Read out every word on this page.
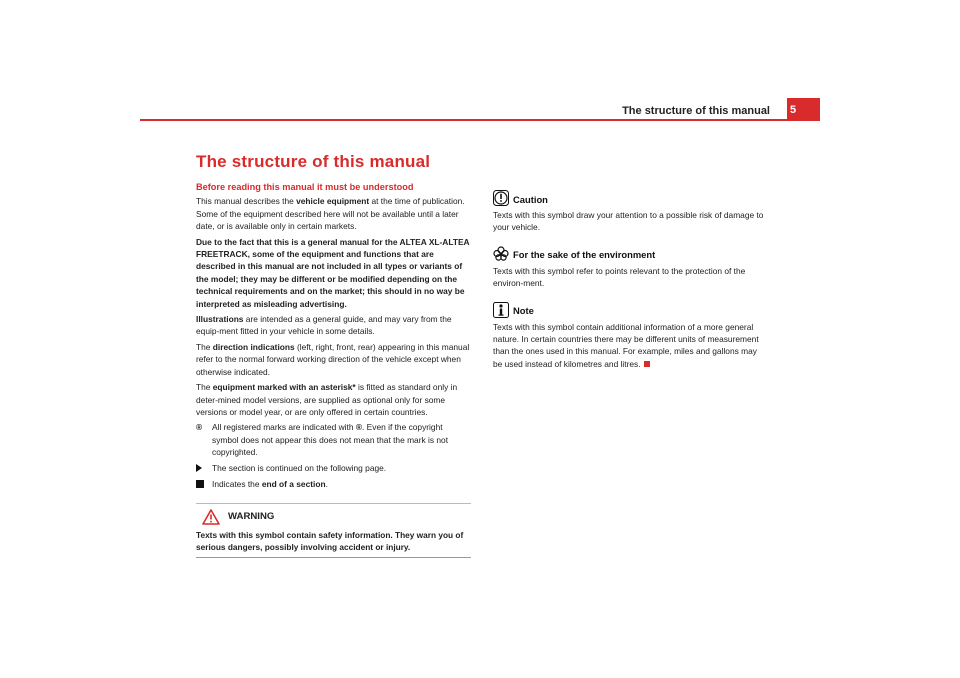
The structure of this manual 5
The structure of this manual
Before reading this manual it must be understood

This manual describes the vehicle equipment at the time of publication. Some of the equipment described here will not be available until a later date, or is available only in certain markets.

Due to the fact that this is a general manual for the ALTEA XL-ALTEA FREETRACK, some of the equipment and functions that are described in this manual are not included in all types or variants of the model; they may be different or be modified depending on the technical requirements and on the market; this should in no way be interpreted as misleading advertising.

Illustrations are intended as a general guide, and may vary from the equip-ment fitted in your vehicle in some details.

The direction indications (left, right, front, rear) appearing in this manual refer to the normal forward working direction of the vehicle except when otherwise indicated.

The equipment marked with an asterisk* is fitted as standard only in deter-mined model versions, are supplied as optional only for some versions or model year, or are only offered in certain countries.

®	All registered marks are indicated with ®. Even if the copyright symbol does not appear this does not mean that the mark is not copyrighted.
The section is continued on the following page.
Indicates the end of a section.
WARNING
Texts with this symbol contain safety information. They warn you of serious dangers, possibly involving accident or injury.
Caution
Texts with this symbol draw your attention to a possible risk of damage to your vehicle.
For the sake of the environment
Texts with this symbol refer to points relevant to the protection of the environ-ment.
Note
Texts with this symbol contain additional information of a more general nature. In certain countries there may be different units of measurement than the ones used in this manual. For example, miles and gallons may be used instead of kilometres and litres.
